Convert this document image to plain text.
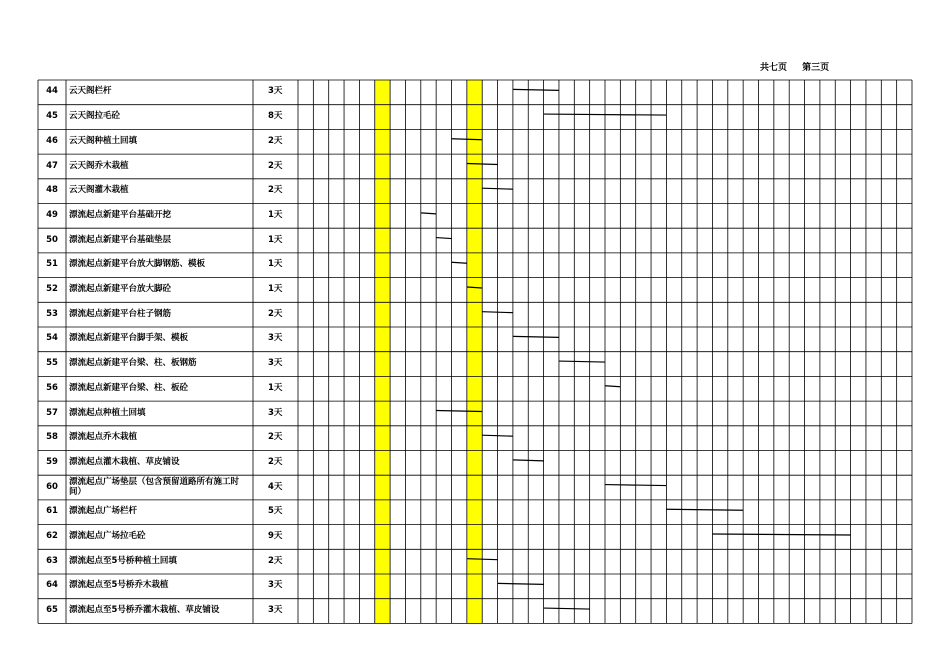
共七页 第三页
44	云天阁栏杆	3天
45	云天阁拉毛砼	8天
46	云天阁种植土回填	2天
47	云天阁乔木栽植	2天
48	云天阁灌木栽植	2天
49	漂流起点新建平台基础开挖	1天
50	漂流起点新建平台基础垫层	1天
51	漂流起点新建平台放大脚钢筋、模板	1天
52	漂流起点新建平台放大脚砼	1天
53	漂流起点新建平台柱子钢筋	2天
54	漂流起点新建平台脚手架、模板	3天
55	漂流起点新建平台梁、柱、板钢筋	3天
56	漂流起点新建平台梁、柱、板砼	1天
57	漂流起点种植土回填	3天
58	漂流起点乔木栽植	2天
59	漂流起点灌木栽植、草皮铺设	2天
60	漂流起点广场垫层（包含预留道路所有施工时间）	4天
61	漂流起点广场栏杆	5天
62	漂流起点广场拉毛砼	9天
63	漂流起点至5号桥种植土回填	2天
64	漂流起点至5号桥乔木栽植	3天
65	漂流起点至5号桥乔灌木栽植、草皮铺设	3天
